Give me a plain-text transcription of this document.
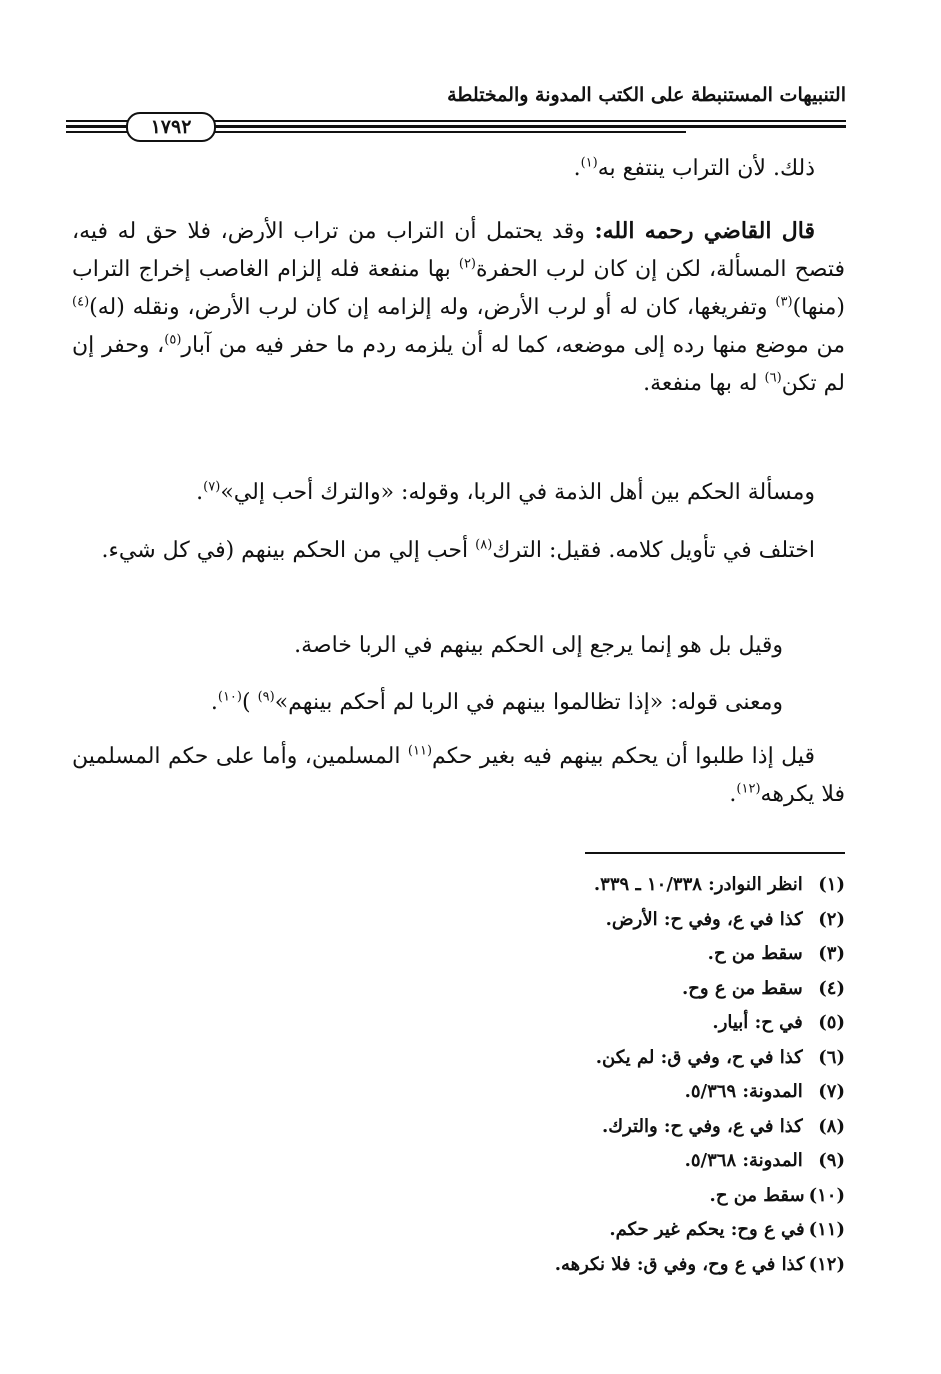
التنبيهات المستنبطة على الكتب المدونة والمختلطة
١٧٩٢

ذلك. لأن التراب ينتفع به$^{(١)}$.

قال القاضي رحمه الله: وقد يحتمل أن التراب من تراب الأرض، فلا حق له فيه، فتصح المسألة، لكن إن كان لرب الحفرة$^{(٢)}$ بها منفعة فله إلزام الغاصب إخراج التراب (منها)$^{(٣)}$ وتفريغها، كان له أو لرب الأرض، وله إلزامه إن كان لرب الأرض، ونقله (له)$^{(٤)}$ من موضع منها رده إلى موضعه، كما له أن يلزمه ردم ما حفر فيه من آبار$^{(٥)}$، وحفر إن لم تكن$^{(٦)}$ له بها منفعة.

ومسألة الحكم بين أهل الذمة في الربا، وقوله: «والترك أحب إلي»$^{(٧)}$.

اختلف في تأويل كلامه. فقيل: الترك$^{(٨)}$ أحب إلي من الحكم بينهم (في كل شيء.

وقيل بل هو إنما يرجع إلى الحكم بينهم في الربا خاصة.

ومعنى قوله: «إذا تظالموا بينهم في الربا لم أحكم بينهم»$^{(٩)}$ )$^{(١٠)}$.

قيل إذا طلبوا أن يحكم بينهم فيه بغير حكم$^{(١١)}$ المسلمين، وأما على حكم المسلمين فلا يكرهه$^{(١٢)}$.

(١) انظر النوادر: ١٠/٣٣٨ ـ ٣٣٩.
(٢) كذا في ع، وفي ح: الأرض.
(٣) سقط من ح.
(٤) سقط من ع وح.
(٥) في ح: أبيار.
(٦) كذا في ح، وفي ق: لم يكن.
(٧) المدونة: ٥/٣٦٩.
(٨) كذا في ع، وفي ح: والترك.
(٩) المدونة: ٥/٣٦٨.
(١٠)سقط من ح.
(١١)في ع وح: يحكم غير حكم.
(١٢)كذا في ع وح، وفي ق: فلا نكرهه.
